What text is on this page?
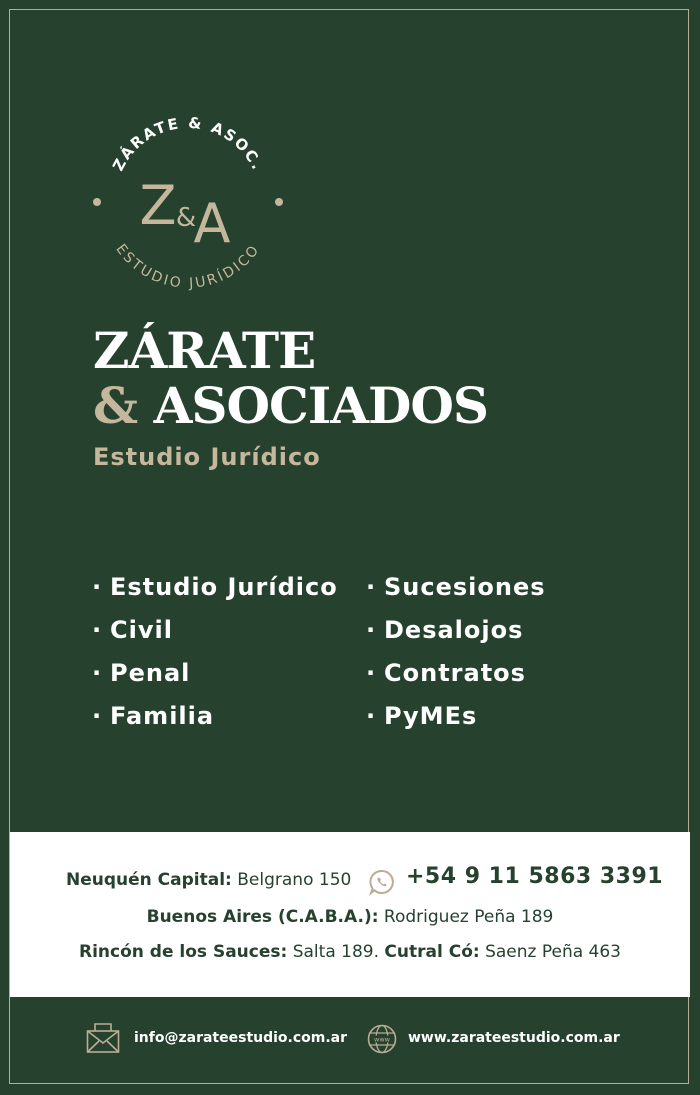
ZÁRATE & ASOC.
Z &
A
ESTUDIO JURÍDICO
ZÁRATE
& ASOCIADOS
Estudio Jurídico
· Estudio Jurídico
· Civil
· Penal
· Familia
· Sucesiones
· Desalojos
· Contratos
· PyMEs
Neuquén Capital: Belgrano 150 +54 9 11 5863 3391
Buenos Aires (C.A.B.A.): Rodriguez Peña 189
Rincón de los Sauces: Salta 189. Cutral Có: Saenz Peña 463
info@zarateestudio.com.ar	www www.zarateestudio.com.ar
